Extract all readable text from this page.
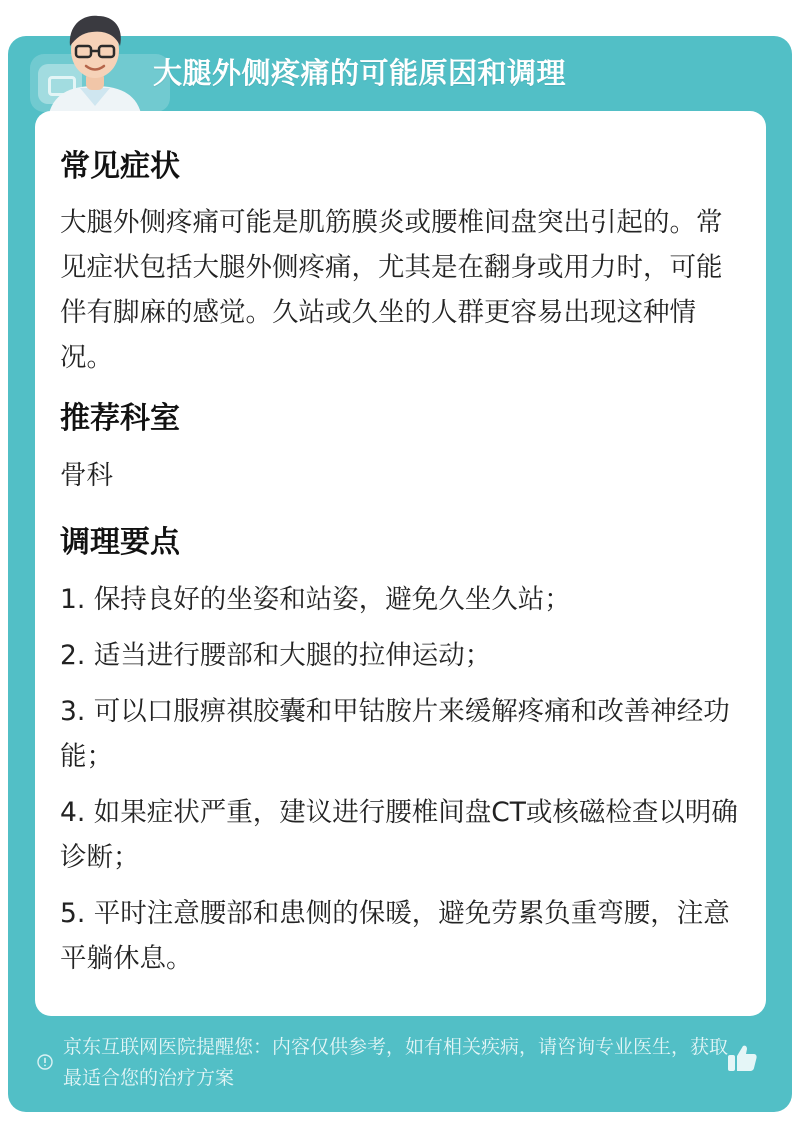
大腿外侧疼痛的可能原因和调理
常见症状
大腿外侧疼痛可能是肌筋膜炎或腰椎间盘突出引起的。常见症状包括大腿外侧疼痛，尤其是在翻身或用力时，可能伴有脚麻的感觉。久站或久坐的人群更容易出现这种情况。
推荐科室
骨科
调理要点
1. 保持良好的坐姿和站姿，避免久坐久站；
2. 适当进行腰部和大腿的拉伸运动；
3. 可以口服痹祺胶囊和甲钴胺片来缓解疼痛和改善神经功能；
4. 如果症状严重，建议进行腰椎间盘CT或核磁检查以明确诊断；
5. 平时注意腰部和患侧的保暖，避免劳累负重弯腰，注意平躺休息。
京东互联网医院提醒您：内容仅供参考，如有相关疾病，请咨询专业医生，获取最适合您的治疗方案
